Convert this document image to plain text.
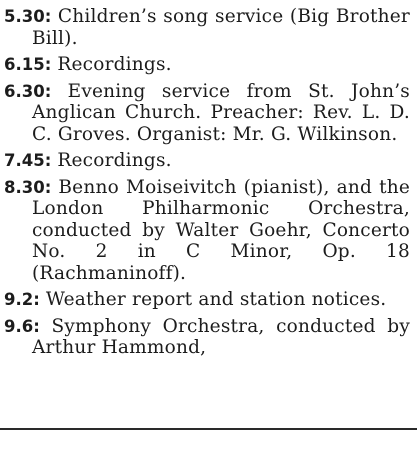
5.30: Children’s song service (Big Brother Bill).

6.15: Recordings.

6.30: Evening service from St. John’s Anglican Church. Preacher: Rev. L. D. C. Groves. Organist: Mr. G. Wilkinson.

7.45: Recordings.

8.30: Benno Moiseivitch (pianist), and the London Philharmonic Orchestra, conducted by Walter Goehr, Concerto No. 2 in C Minor, Op. 18 (Rachmaninoff).

9.2: Weather report and station notices.

9.6: Symphony Orchestra, conducted by Arthur Hammond,
